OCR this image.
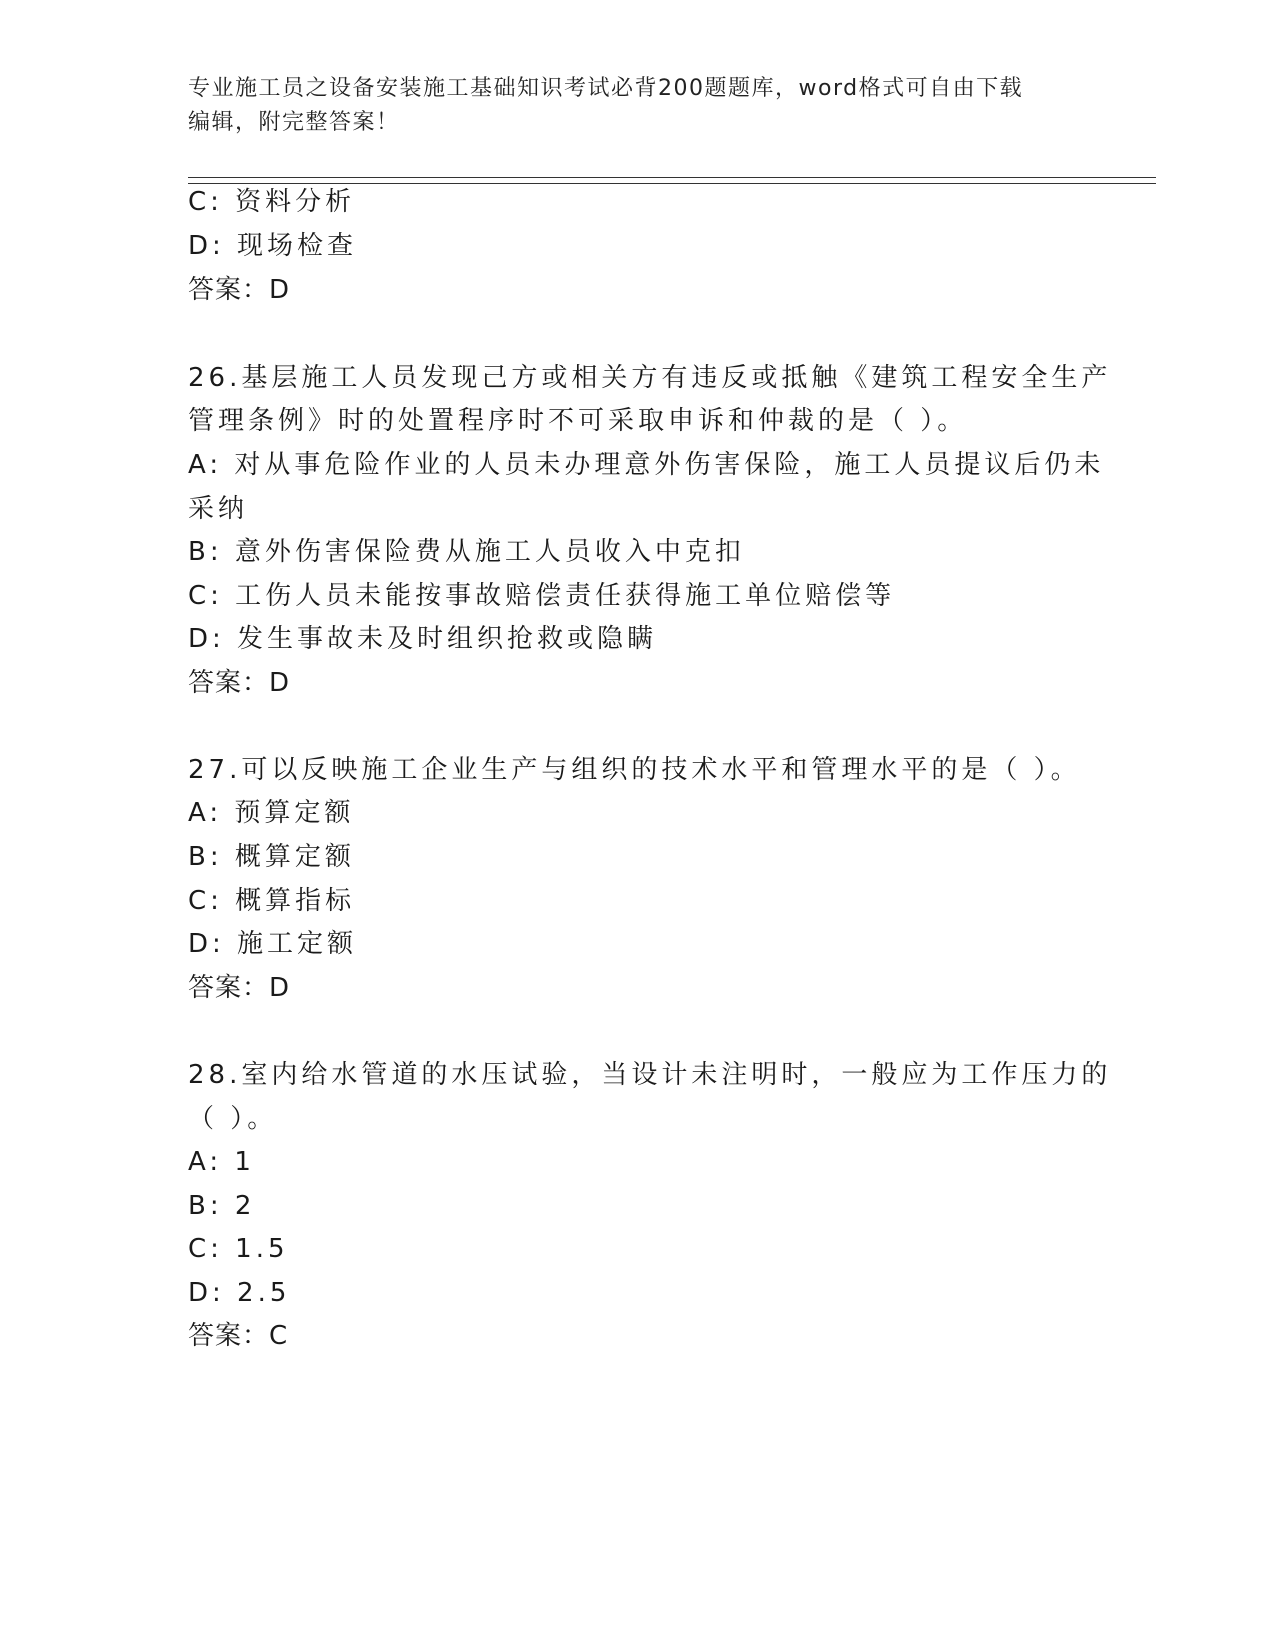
专业施工员之设备安装施工基础知识考试必背200题题库，word格式可自由下载
编辑，附完整答案！
C: 资料分析
D: 现场检查
答案：D
26.基层施工人员发现己方或相关方有违反或抵触《建筑工程安全生产
管理条例》时的处置程序时不可采取申诉和仲裁的是（ ）。
A: 对从事危险作业的人员未办理意外伤害保险，施工人员提议后仍未
采纳
B: 意外伤害保险费从施工人员收入中克扣
C: 工伤人员未能按事故赔偿责任获得施工单位赔偿等
D: 发生事故未及时组织抢救或隐瞒
答案：D
27.可以反映施工企业生产与组织的技术水平和管理水平的是（ ）。
A: 预算定额
B: 概算定额
C: 概算指标
D: 施工定额
答案：D
28.室内给水管道的水压试验，当设计未注明时，一般应为工作压力的
（ ）。
A: 1
B: 2
C: 1.5
D: 2.5
答案：C
